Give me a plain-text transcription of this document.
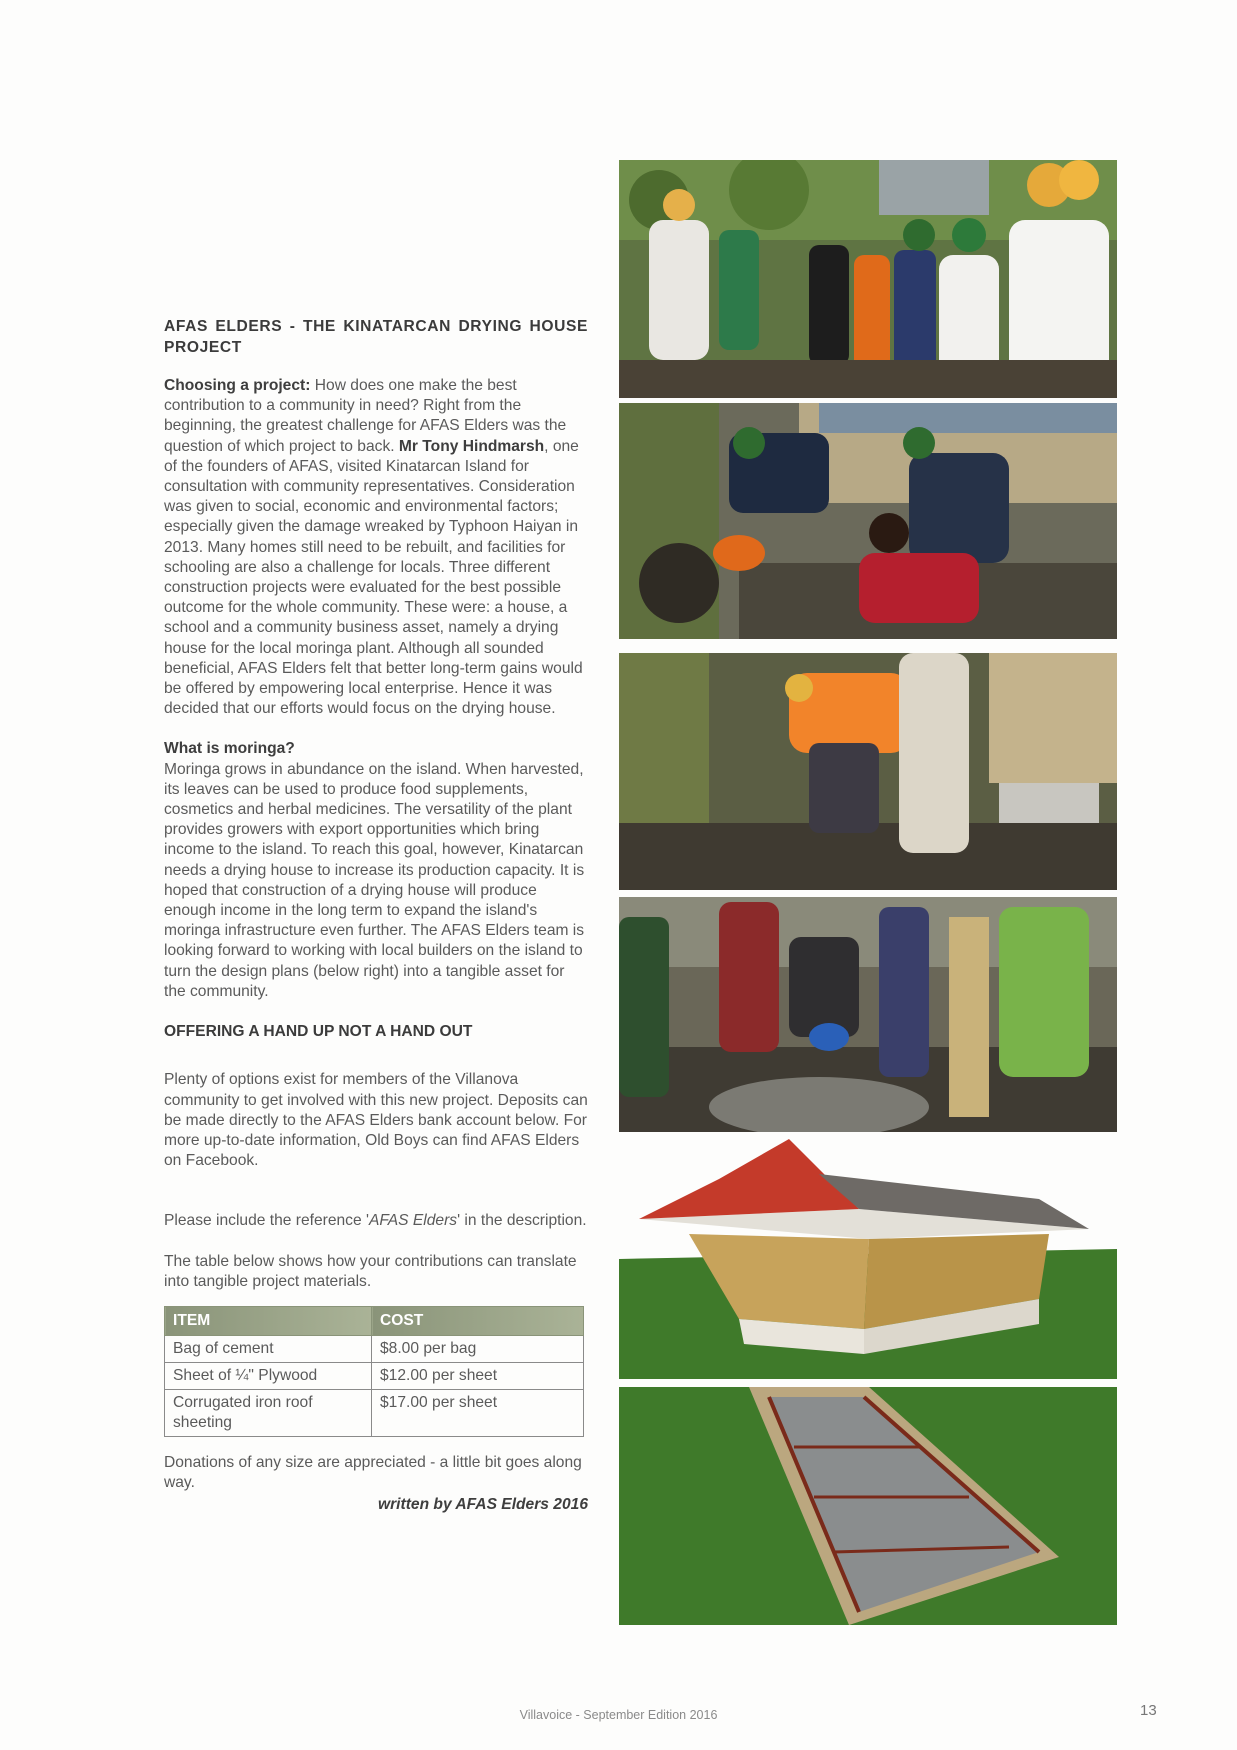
AFAS ELDERS - THE KINATARCAN DRYING HOUSE PROJECT

Choosing a project: How does one make the best contribution to a community in need? Right from the beginning, the greatest challenge for AFAS Elders was the question of which project to back. Mr Tony Hindmarsh, one of the founders of AFAS, visited Kinatarcan Island for consultation with community representatives. Consideration was given to social, economic and environmental factors; especially given the damage wreaked by Typhoon Haiyan in 2013. Many homes still need to be rebuilt, and facilities for schooling are also a challenge for locals. Three different construction projects were evaluated for the best possible outcome for the whole community. These were: a house, a school and a community business asset, namely a drying house for the local moringa plant. Although all sounded beneficial, AFAS Elders felt that better long-term gains would be offered by empowering local enterprise. Hence it was decided that our efforts would focus on the drying house.

What is moringa?
Moringa grows in abundance on the island. When harvested, its leaves can be used to produce food supplements, cosmetics and herbal medicines. The versatility of the plant provides growers with export opportunities which bring income to the island. To reach this goal, however, Kinatarcan needs a drying house to increase its production capacity. It is hoped that construction of a drying house will produce enough income in the long term to expand the island's moringa infrastructure even further. The AFAS Elders team is looking forward to working with local builders on the island to turn the design plans (below right) into a tangible asset for the community.

OFFERING A HAND UP NOT A HAND OUT

Plenty of options exist for members of the Villanova community to get involved with this new project. Deposits can be made directly to the AFAS Elders bank account below. For more up-to-date information, Old Boys can find AFAS Elders on Facebook.

Please include the reference 'AFAS Elders' in the description.

The table below shows how your contributions can translate into tangible project materials.

ITEM	COST
Bag of cement	$8.00 per bag
Sheet of ¼" Plywood	$12.00 per sheet
Corrugated iron roof sheeting	$17.00 per sheet

Donations of any size are appreciated - a little bit goes along way.

written by AFAS Elders 2016

Villavoice - September Edition 2016	13
